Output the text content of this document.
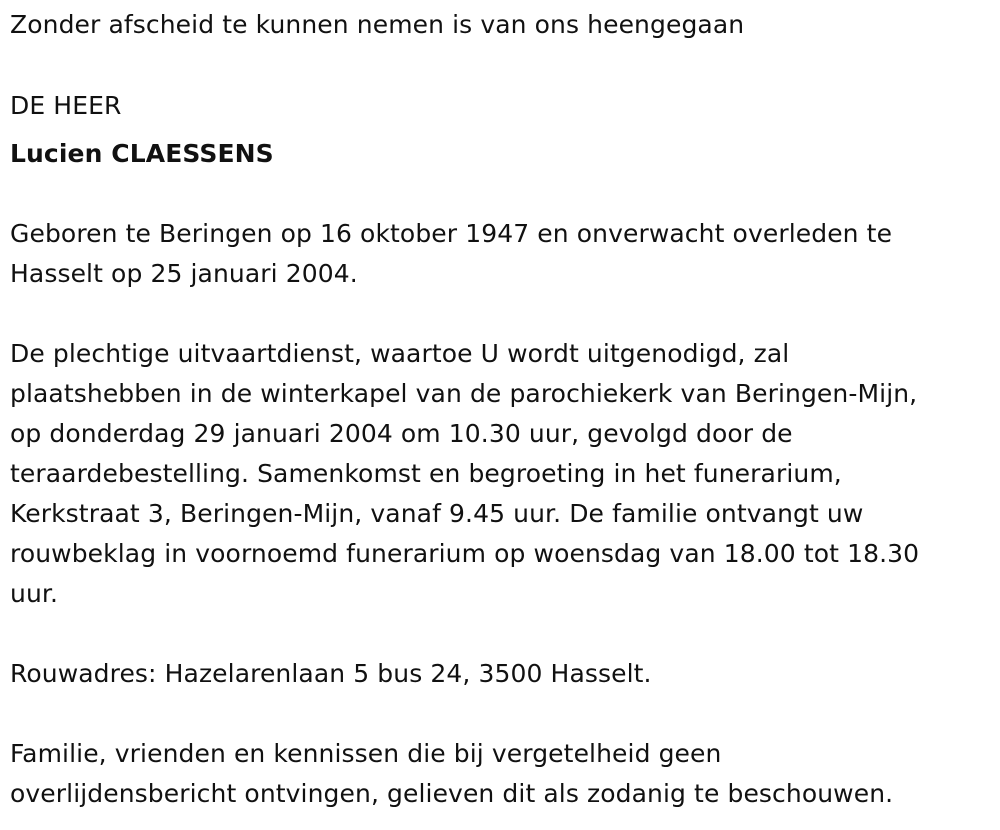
Zonder afscheid te kunnen nemen is van ons heengegaan
DE HEER
Lucien CLAESSENS
Geboren te Beringen op 16 oktober 1947 en onverwacht overleden te
Hasselt op 25 januari 2004.
De plechtige uitvaartdienst, waartoe U wordt uitgenodigd, zal
plaatshebben in de winterkapel van de parochiekerk van Beringen-Mijn,
op donderdag 29 januari 2004 om 10.30 uur, gevolgd door de
teraardebestelling. Samenkomst en begroeting in het funerarium,
Kerkstraat 3, Beringen-Mijn, vanaf 9.45 uur. De familie ontvangt uw
rouwbeklag in voornoemd funerarium op woensdag van 18.00 tot 18.30
uur.
Rouwadres: Hazelarenlaan 5 bus 24, 3500 Hasselt.
Familie, vrienden en kennissen die bij vergetelheid geen
overlijdensbericht ontvingen, gelieven dit als zodanig te beschouwen.
